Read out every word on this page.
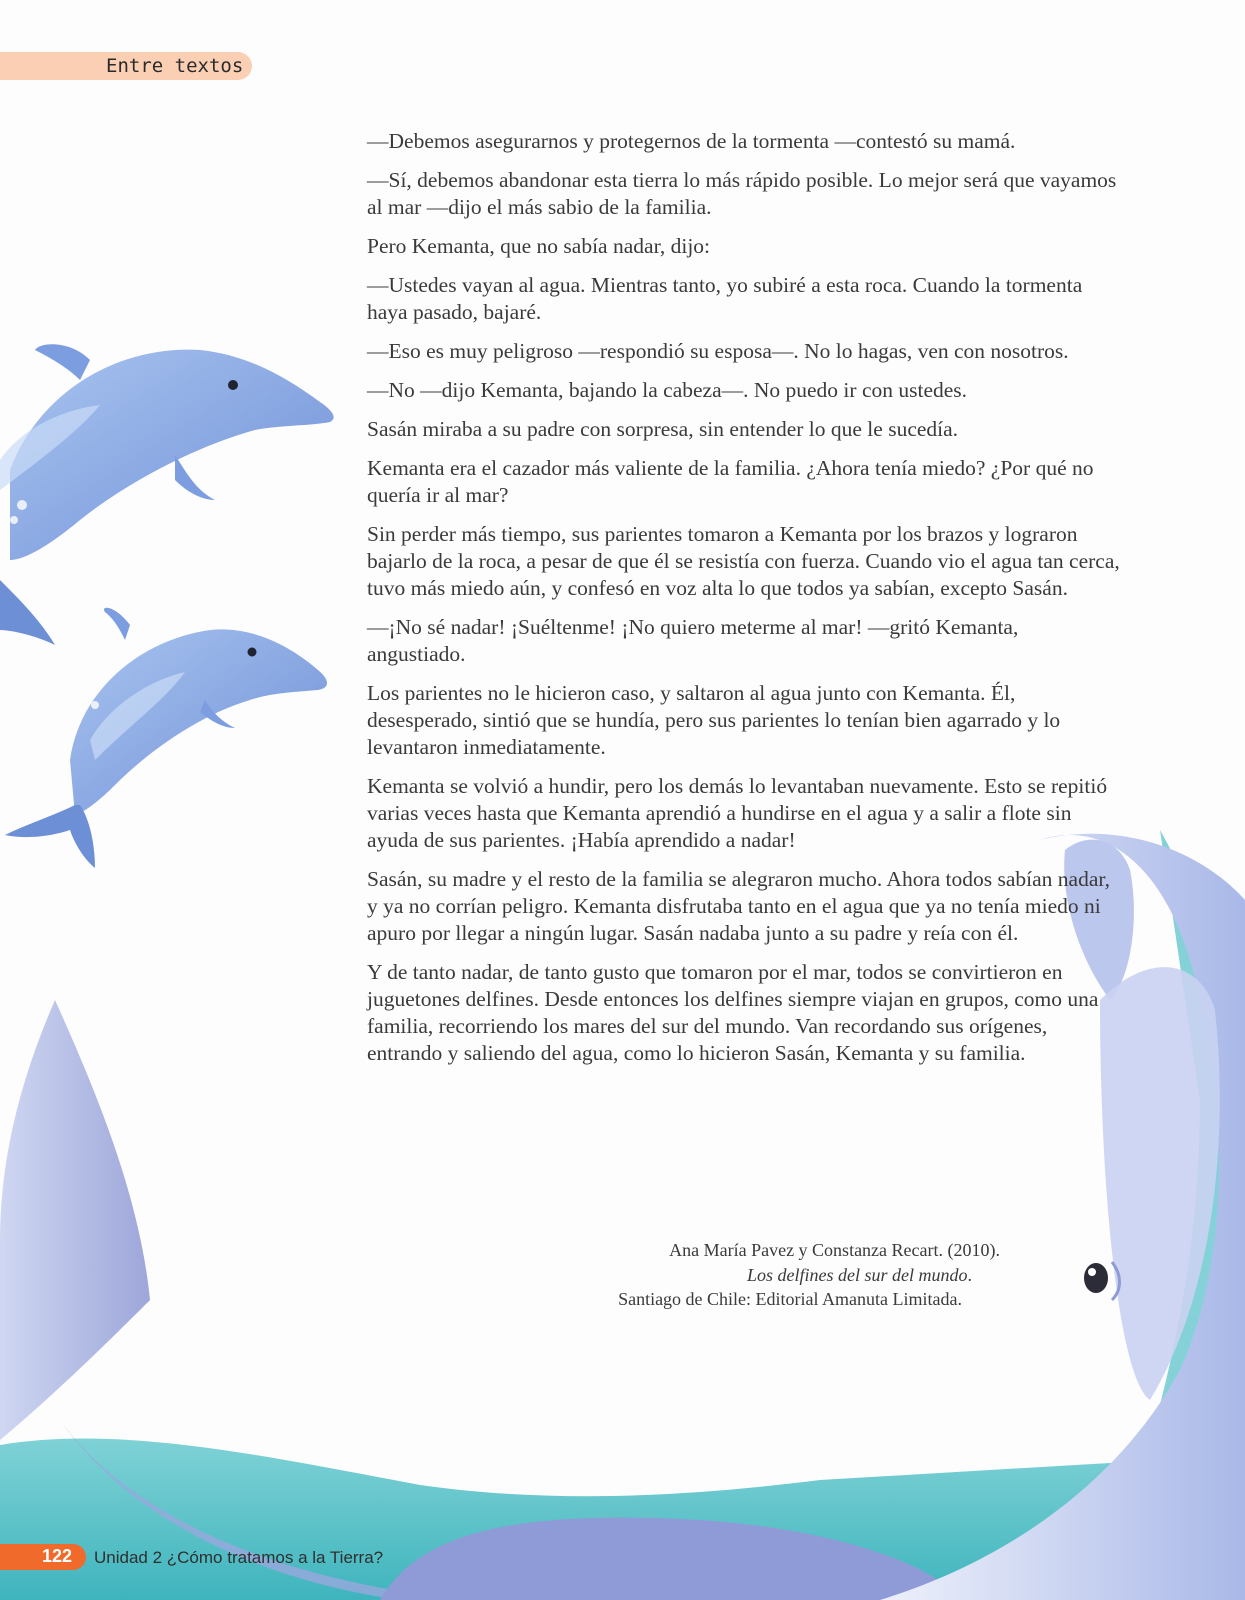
Entre textos

—Debemos asegurarnos y protegernos de la tormenta —contestó su mamá.

—Sí, debemos abandonar esta tierra lo más rápido posible. Lo mejor será que vayamos al mar —dijo el más sabio de la familia.

Pero Kemanta, que no sabía nadar, dijo:

—Ustedes vayan al agua. Mientras tanto, yo subiré a esta roca. Cuando la tormenta haya pasado, bajaré.

—Eso es muy peligroso —respondió su esposa—. No lo hagas, ven con nosotros.

—No —dijo Kemanta, bajando la cabeza—. No puedo ir con ustedes.

Sasán miraba a su padre con sorpresa, sin entender lo que le sucedía.

Kemanta era el cazador más valiente de la familia. ¿Ahora tenía miedo? ¿Por qué no quería ir al mar?

Sin perder más tiempo, sus parientes tomaron a Kemanta por los brazos y lograron bajarlo de la roca, a pesar de que él se resistía con fuerza. Cuando vio el agua tan cerca, tuvo más miedo aún, y confesó en voz alta lo que todos ya sabían, excepto Sasán.

—¡No sé nadar! ¡Suéltenme! ¡No quiero meterme al mar! —gritó Kemanta, angustiado.

Los parientes no le hicieron caso, y saltaron al agua junto con Kemanta. Él, desesperado, sintió que se hundía, pero sus parientes lo tenían bien agarrado y lo levantaron inmediatamente.

Kemanta se volvió a hundir, pero los demás lo levantaban nuevamente. Esto se repitió varias veces hasta que Kemanta aprendió a hundirse en el agua y a salir a flote sin ayuda de sus parientes. ¡Había aprendido a nadar!

Sasán, su madre y el resto de la familia se alegraron mucho. Ahora todos sabían nadar, y ya no corrían peligro. Kemanta disfrutaba tanto en el agua que ya no tenía miedo ni apuro por llegar a ningún lugar. Sasán nadaba junto a su padre y reía con él.

Y de tanto nadar, de tanto gusto que tomaron por el mar, todos se convirtieron en juguetones delfines. Desde entonces los delfines siempre viajan en grupos, como una familia, recorriendo los mares del sur del mundo. Van recordando sus orígenes, entrando y saliendo del agua, como lo hicieron Sasán, Kemanta y su familia.

Ana María Pavez y Constanza Recart. (2010).
Los delfines del sur del mundo.
Santiago de Chile: Editorial Amanuta Limitada.
122 Unidad 2 ¿Cómo tratamos a la Tierra?
